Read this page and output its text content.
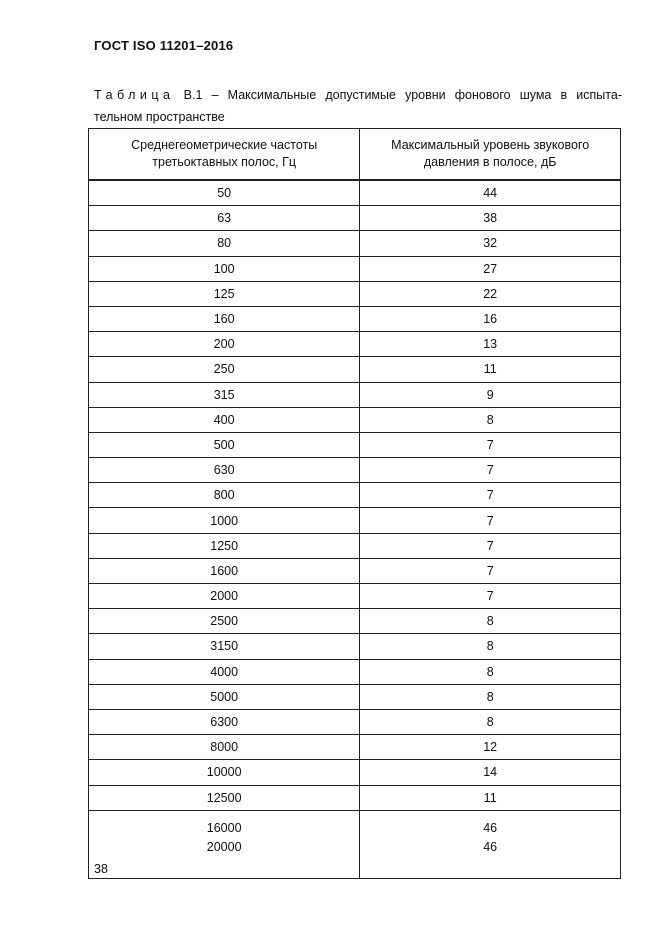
ГОСТ ISO 11201–2016
Таблица В.1 – Максимальные допустимые уровни фонового шума в испыта-
тельном пространстве
Среднегеометрические частоты третьоктавных полос, Гц	Максимальный уровень звукового давления в полосе, дБ
50	44
63	38
80	32
100	27
125	22
160	16
200	13
250	11
315	9
400	8
500	7
630	7
800	7
1000	7
1250	7
1600	7
2000	7
2500	8
3150	8
4000	8
5000	8
6300	8
8000	12
10000	14
12500	11
16000	46
20000	46
38
